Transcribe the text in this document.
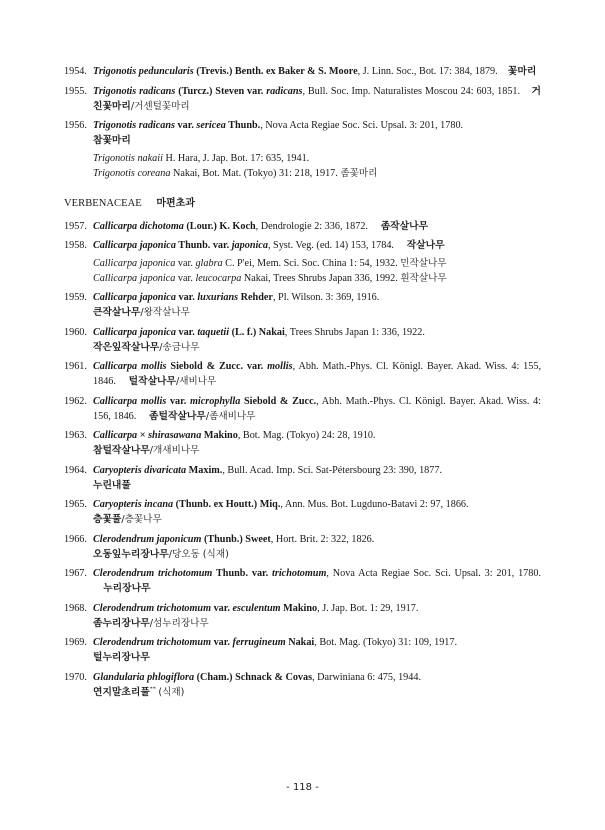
1954. Trigonotis peduncularis (Trevis.) Benth. ex Baker & S. Moore, J. Linn. Soc., Bot. 17: 384, 1879. 꽃마리
1955. Trigonotis radicans (Turcz.) Steven var. radicans, Bull. Soc. Imp. Naturalistes Moscou 24: 603, 1851. 거친꽃마리/거센털꽃마리
1956. Trigonotis radicans var. sericea Thunb., Nova Acta Regiae Soc. Sci. Upsal. 3: 201, 1780.
참꽃마리
Trigonotis nakaii H. Hara, J. Jap. Bot. 17: 635, 1941.
Trigonotis coreana Nakai, Bot. Mat. (Tokyo) 31: 218, 1917. 좀꽃마리
VERBENACEAE 마편초과
1957. Callicarpa dichotoma (Lour.) K. Koch, Dendrologie 2: 336, 1872. 좀작살나무
1958. Callicarpa japonica Thunb. var. japonica, Syst. Veg. (ed. 14) 153, 1784. 작살나무
Callicarpa japonica var. glabra C. P'ei, Mem. Sci. Soc. China 1: 54, 1932. 민작살나무
Callicarpa japonica var. leucocarpa Nakai, Trees Shrubs Japan 336, 1992. 흰작살나무
1959. Callicarpa japonica var. luxurians Rehder, Pl. Wilson. 3: 369, 1916.
큰작살나무/왕작살나무
1960. Callicarpa japonica var. taquetii (L. f.) Nakai, Trees Shrubs Japan 1: 336, 1922.
작은잎작살나무/송금나무
1961. Callicarpa mollis Siebold & Zucc. var. mollis, Abh. Math.-Phys. Cl. Königl. Bayer. Akad. Wiss. 4: 155, 1846. 털작살나무/새비나무
1962. Callicarpa mollis var. microphylla Siebold & Zucc., Abh. Math.-Phys. Cl. Königl. Bayer. Akad. Wiss. 4: 156, 1846. 좀털작살나무/좀새비나무
1963. Callicarpa × shirasawana Makino, Bot. Mag. (Tokyo) 24: 28, 1910.
참털작살나무/개새비나무
1964. Caryopteris divaricata Maxim., Bull. Acad. Imp. Sci. Sat-Pétersbourg 23: 390, 1877.
누린내풀
1965. Caryopteris incana (Thunb. ex Houtt.) Miq., Ann. Mus. Bot. Lugduno-Batavi 2: 97, 1866.
층꽃풀/층꽃나무
1966. Clerodendrum japonicum (Thunb.) Sweet, Hort. Brit. 2: 322, 1826.
오동잎누리장나무/당오동 (식재)
1967. Clerodendrum trichotomum Thunb. var. trichotomum, Nova Acta Regiae Soc. Sci. Upsal. 3: 201, 1780.     누리장나무
1968. Clerodendrum trichotomum var. esculentum Makino, J. Jap. Bot. 1: 29, 1917.
좀누리장나무/섬누리장나무
1969. Clerodendrum trichotomum var. ferrugineum Nakai, Bot. Mag. (Tokyo) 31: 109, 1917.
털누리장나무
1970. Glandularia phlogiflora (Cham.) Schnack & Covas, Darwiniana 6: 475, 1944.
연지말초리풀** (식재)
- 118 -
